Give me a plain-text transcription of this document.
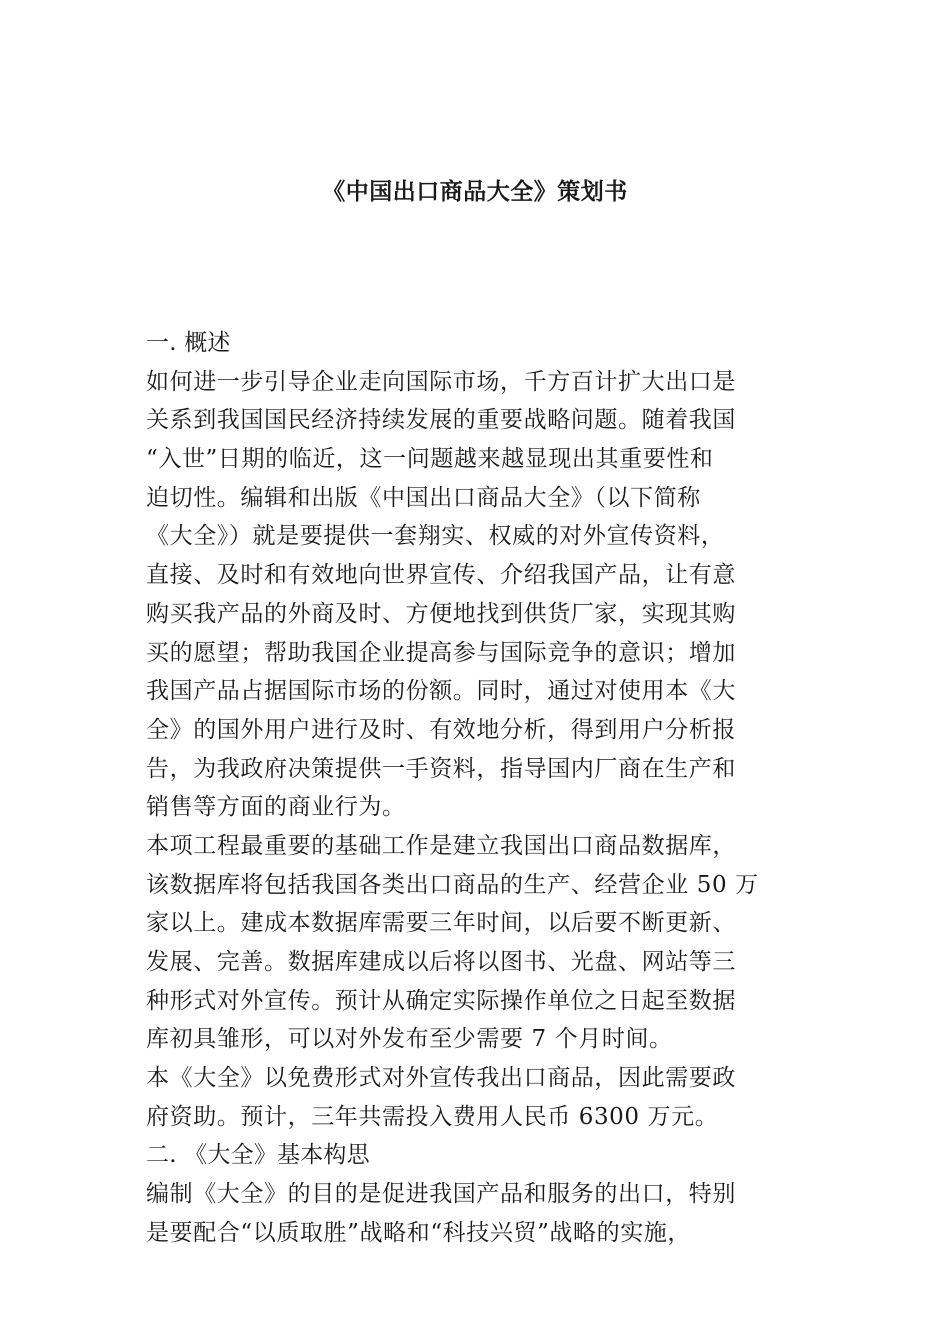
《中国出口商品大全》策划书
一. 概述
如何进一步引导企业走向国际市场，千方百计扩大出口是
关系到我国国民经济持续发展的重要战略问题。随着我国
“入世”日期的临近，这一问题越来越显现出其重要性和
迫切性。编辑和出版《中国出口商品大全》（以下简称
《大全》）就是要提供一套翔实、权威的对外宣传资料，
直接、及时和有效地向世界宣传、介绍我国产品，让有意
购买我产品的外商及时、方便地找到供货厂家，实现其购
买的愿望；帮助我国企业提高参与国际竞争的意识；增加
我国产品占据国际市场的份额。同时，通过对使用本《大
全》的国外用户进行及时、有效地分析，得到用户分析报
告，为我政府决策提供一手资料，指导国内厂商在生产和
销售等方面的商业行为。
本项工程最重要的基础工作是建立我国出口商品数据库，
该数据库将包括我国各类出口商品的生产、经营企业 50 万
家以上。建成本数据库需要三年时间，以后要不断更新、
发展、完善。数据库建成以后将以图书、光盘、网站等三
种形式对外宣传。预计从确定实际操作单位之日起至数据
库初具雏形，可以对外发布至少需要 7 个月时间。
本《大全》以免费形式对外宣传我出口商品，因此需要政
府资助。预计，三年共需投入费用人民币 6300 万元。
二. 《大全》基本构思
编制《大全》的目的是促进我国产品和服务的出口，特别
是要配合“以质取胜”战略和“科技兴贸”战略的实施，
